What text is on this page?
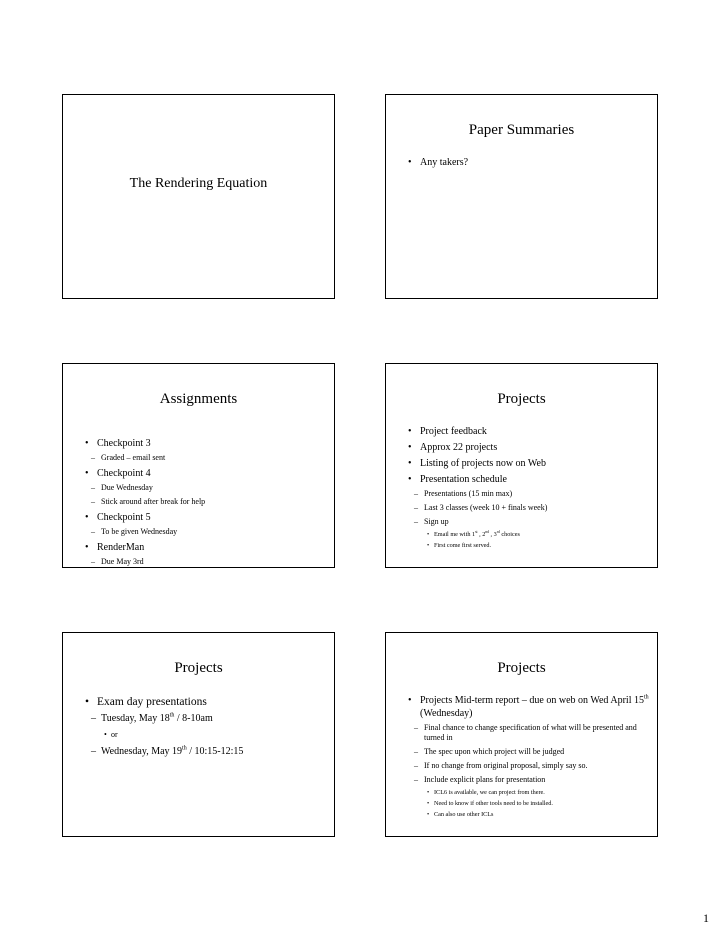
The Rendering Equation
Paper Summaries
• Any takers?
Assignments
• Checkpoint 3
– Graded – email sent
• Checkpoint 4
– Due Wednesday
– Stick around after break for help
• Checkpoint 5
– To be given Wednesday
• RenderMan
– Due May 3rd
Projects
• Project feedback
• Approx 22 projects
• Listing of projects now on Web
• Presentation schedule
– Presentations (15 min max)
– Last 3 classes (week 10 + finals week)
– Sign up
• Email me with 1st , 2nd , 3rd choices
• First come first served.
Projects
• Exam day presentations
– Tuesday, May 18th / 8-10am
• or
– Wednesday, May 19th / 10:15-12:15
Projects
• Projects Mid-term report – due on web on Wed April 15th (Wednesday)
– Final chance to change specification of what will be presented and turned in
– The spec upon which project will be judged
– If no change from original proposal, simply say so.
– Include explicit plans for presentation
• ICL6 is available, we can project from there.
• Need to know if other tools need to be installed.
• Can also use other ICLs
1
